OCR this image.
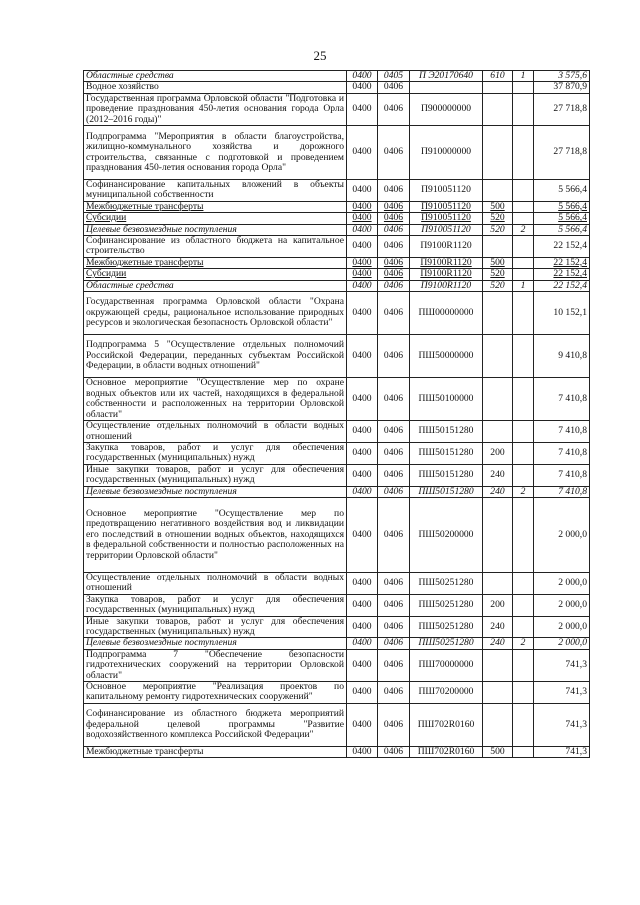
25
Областные средства	0400	0405	П Э20170640	610	1	3 575,6
Водное хозяйство	0400	0406				37 870,9
Государственная программа Орловской области "Подготовка и проведение празднования 450-летия основания города Орла (2012–2016 годы)"	0400	0406	П900000000			27 718,8
Подпрограмма "Мероприятия в области благоустройства, жилищно-коммунального хозяйства и дорожного строительства, связанные с подготовкой и проведением празднования 450-летия основания города Орла"	0400	0406	П910000000			27 718,8
Софинансирование капитальных вложений в объекты муниципальной собственности	0400	0406	П910051120			5 566,4
Межбюджетные трансферты	0400	0406	П910051120	500		5 566,4
Субсидии	0400	0406	П910051120	520		5 566,4
Целевые безвозмездные поступления	0400	0406	П910051120	520	2	5 566,4
Софинансирование из областного бюджета на капитальное строительство	0400	0406	П9100R1120			22 152,4
Межбюджетные трансферты	0400	0406	П9100R1120	500		22 152,4
Субсидии	0400	0406	П9100R1120	520		22 152,4
Областные средства	0400	0406	П9100R1120	520	1	22 152,4
Государственная программа Орловской области "Охрана окружающей среды, рациональное использование природных ресурсов и экологическая безопасность Орловской области"	0400	0406	ПШ00000000			10 152,1
Подпрограмма 5 "Осуществление отдельных полномочий Российской Федерации, переданных субъектам Российской Федерации, в области водных отношений"	0400	0406	ПШ50000000			9 410,8
Основное мероприятие "Осуществление мер по охране водных объектов или их частей, находящихся в федеральной собственности и расположенных на территории Орловской области"	0400	0406	ПШ50100000			7 410,8
Осуществление отдельных полномочий в области водных отношений	0400	0406	ПШ50151280			7 410,8
Закупка товаров, работ и услуг для обеспечения государственных (муниципальных) нужд	0400	0406	ПШ50151280	200		7 410,8
Иные закупки товаров, работ и услуг для обеспечения государственных (муниципальных) нужд	0400	0406	ПШ50151280	240		7 410,8
Целевые безвозмездные поступления	0400	0406	ПШ50151280	240	2	7 410,8
Основное мероприятие "Осуществление мер по предотвращению негативного воздействия вод и ликвидации его последствий в отношении водных объектов, находящихся в федеральной собственности и полностью расположенных на территории Орловской области"	0400	0406	ПШ50200000			2 000,0
Осуществление отдельных полномочий в области водных отношений	0400	0406	ПШ50251280			2 000,0
Закупка товаров, работ и услуг для обеспечения государственных (муниципальных) нужд	0400	0406	ПШ50251280	200		2 000,0
Иные закупки товаров, работ и услуг для обеспечения государственных (муниципальных) нужд	0400	0406	ПШ50251280	240		2 000,0
Целевые безвозмездные поступления	0400	0406	ПШ50251280	240	2	2 000,0
Подпрограмма 7 "Обеспечение безопасности гидротехнических сооружений на территории Орловской области"	0400	0406	ПШ70000000			741,3
Основное мероприятие "Реализация проектов по капитальному ремонту гидротехнических сооружений"	0400	0406	ПШ70200000			741,3
Софинансирование из областного бюджета мероприятий федеральной целевой программы "Развитие водохозяйственного комплекса Российской Федерации"	0400	0406	ПШ702R0160			741,3
Межбюджетные трансферты	0400	0406	ПШ702R0160	500		741,3
